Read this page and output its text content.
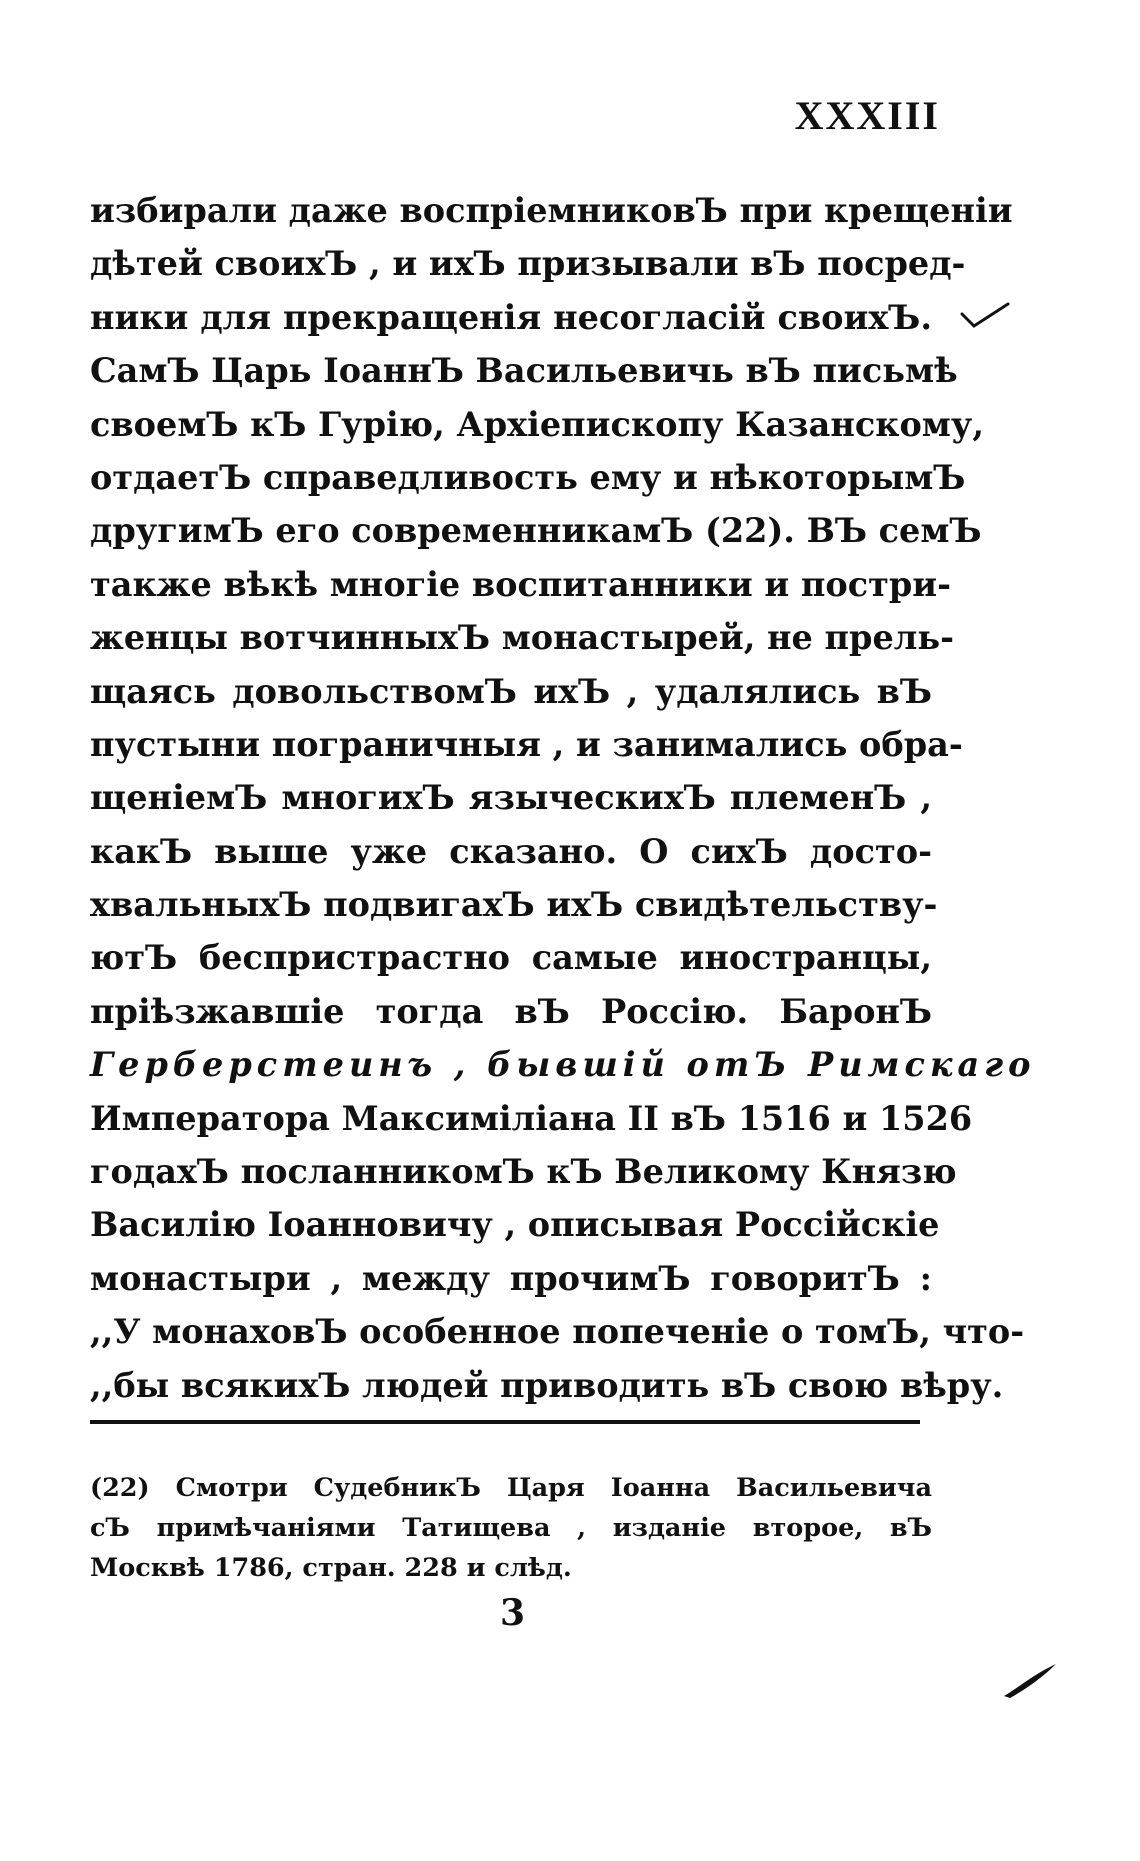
XXXIII
избирали даже воспріемниковЪ при крещеніи
дѣтей своихЪ , и ихЪ призывали вЪ посред-
ники для прекращенія несогласій своихЪ.
СамЪ Царь ІоаннЪ Васильевичь вЪ письмѣ
своемЪ кЪ Гурію, Архіепископу Казанскому,
отдаетЪ справедливость ему и нѣкоторымЪ
другимЪ его современникамЪ (22). ВЪ семЪ
также вѣкѣ многіе воспитанники и постри-
женцы вотчинныхЪ монастырей, не прель-
щаясь довольствомЪ ихЪ , удалялись вЪ
пустыни пограничныя , и занимались обра-
щеніемЪ многихЪ языческихЪ племенЪ ,
какЪ выше уже сказано. О сихЪ достo-
хвальныхЪ подвигахЪ ихЪ свидѣтельству-
ютЪ беспристрастно самые иностранцы,
пріѣзжавшіе тогда вЪ Россію. БаронЪ
Герберстеинъ , бывшій отЪ Римскаго
Императора Максиміліана II вЪ 1516 и 1526
годахЪ посланникомЪ кЪ Великому Князю
Василію Іоанновичу , описывая Россійскіе
монастыри , между прочимЪ говоритЪ :
,,У монаховЪ особенное попеченіе о томЪ, что-
,,бы всякихЪ людей приводить вЪ свою вѣру.
(22) Смотри СудебникЪ Царя Іоанна Васильевича
сЪ примѣчаніями Татищева , изданіе второе, вЪ
Москвѣ 1786, стран. 228 и слѣд.
3
